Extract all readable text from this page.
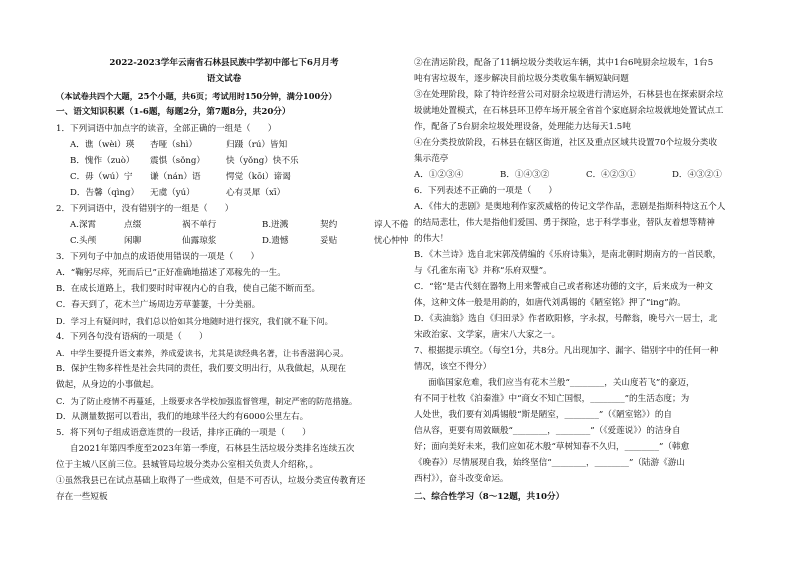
2022-2023学年云南省石林县民族中学初中部七下6月月考
语文试卷
（本试卷共四个大题，25个小题，共6页；考试用时150分钟，满分100分）
一、语文知识积累（1-6题，每题2分，第7题8分，共20分）
1．下列词语中加点字的读音，全部正确的一组是（　　）
A．谯（wèi）瑛 杏哑（shì）	归蹑（rú）皆知
B．愧作（zuò） 震惧（sǒng） 快（yǒng）快不乐
C．毋（wú）宁 谦（nán）语	愕觉（kōi）谛谒
D．告馨（qìng） 无虞（yú）	心有灵犀（xī）
2．下列词语中，没有错别字的一组是（　　）
A.深霄	点缀	祸不单行	B.迸溅	契约	谆人不倦
C.头颅	闲聊	仙露琼浆	D.遗憾	妥贴	忧心忡忡
3．下列句子中加点的成语使用错误的一项是（　　）
A．“鞠躬尽瘁，死而后已”正好准确地描述了邓稼先的一生。
B．在成长道路上，我们要时时审视内心的自我，使自己能不断而至。
C．春天到了，花木兰广场周边芳草萋萋，十分美丽。
D．学习上有疑问时，我们总以恰如其分地随时进行探究，我们就不耻下问。
4．下列各句没有语病的一项是（　　）
A．中学生要提升语文素养，养成爱读书，尤其是读经典名著，让书香滋润心灵。
B．保护生物多样性是社会共同的责任，我们要文明出行，从我做起，从现在
做起，从身边的小事做起。
C．为了防止疫情不再蔓延，上级要求各学校加强监督管理，制定严密的防范措施。
D．从测量数据可以看出，我们的地球半径大约有6000公里左右。
5．将下列句子组成语意连贯的一段话，排序正确的一项是（　　）
自2021年第四季度至2023年第一季度，石林县生活垃圾分类排名连续五次
位于主城八区前三位。县城管局垃圾分类办公室相关负责人介绍称，。
①虽然我县已在试点基础上取得了一些成效，但是不可否认，垃圾分类宣传教育还
存在一些短板
②在清运阶段，配备了11辆垃圾分类收运车辆，其中1台6吨厨余垃圾车，1台5
吨有害垃圾车，逐步解决目前垃圾分类收集车辆短缺问题
③在处理阶段，除了特许经营公司对厨余垃圾进行清运外，石林县也在探索厨余垃
圾就地处置模式，在石林县环卫停车场开展全省首个家庭厨余垃圾就地处置试点工
作，配备了5台厨余垃圾处理设备，处理能力达每天1.5吨
④在分类投放阶段，石林县在辖区街道，社区及重点区域共设置70个垃圾分类收
集示范亭
A．①②③④	B．①④③②	C．④②③①	D．④③②①
6．下列表述不正确的一项是（　　）
A．《伟大的悲剧》是奥地利作家茨威格的传记文学作品，悲剧是指斯科特这五个人
的结局悲壮，伟大是指他们爱国、勇于探险，忠于科学事业，替队友着想等精神
的伟大！
B．《木兰诗》选自北宋郭茂倩编的《乐府诗集》，是南北朝时期南方的一首民歌，
与《孔雀东南飞》并称“乐府双璧”。
C．“铭”是古代刻在器物上用来警戒自己或者称述功德的文字，后来成为一种文
体，这种文体一般是用韵的，如唐代刘禹锡的《陋室铭》押了“ing”韵。
D．《卖油翁》选自《归田录》作者欧阳修，字永叔，号醉翁，晚号六一居士，北
宋政治家、文学家，唐宋八大家之一。
7、根据提示填空。（每空1分，共8分。凡出现加字、漏字、错别字中的任何一种
情况，该空不得分）
面临国家危难，我们应当有花木兰般“________，关山度若飞”的豪迈，
有不同于杜牧《泊秦淮》中“商女不知亡国恨，________”的生活态度；为
人处世，我们要有刘禹锡般“斯是陋室，________”（《陋室铭》）的自
信从容，更要有周敦颐般“________，________”（《爱莲说》）的洁身自
好；面向美好未来，我们应如花木般“草树知春不久归，________”（韩愈
《晚春》）尽情展现自我，始终坚信“________，________”（陆游《游山
西村》），奋斗改变命运。
二、综合性学习（8～12题，共10分）
